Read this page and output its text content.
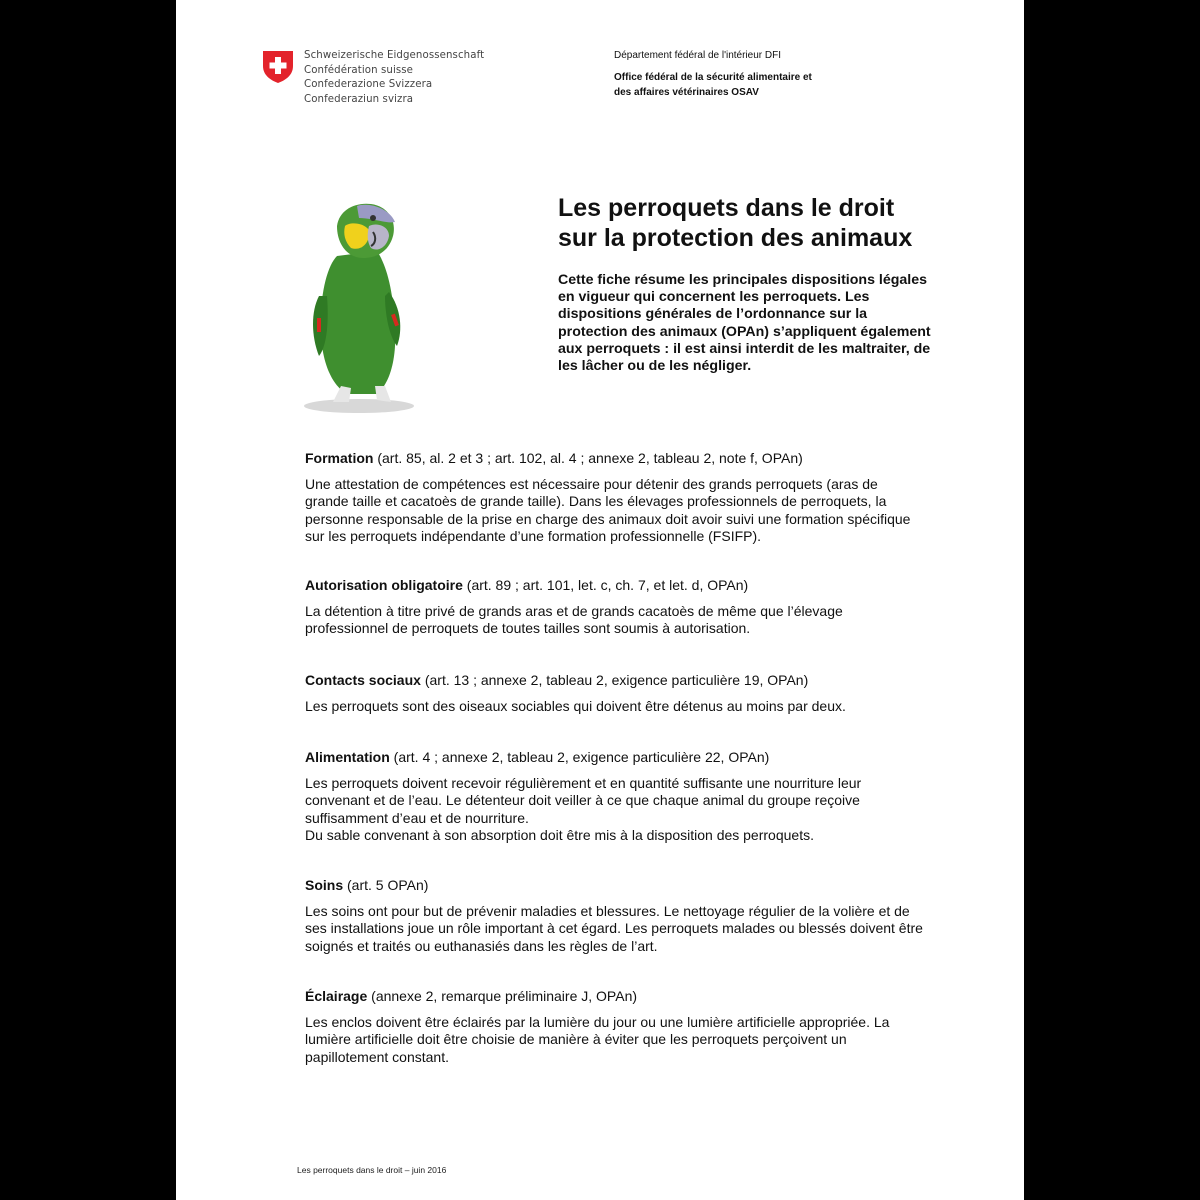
Schweizerische Eidgenossenschaft
Confédération suisse
Confederazione Svizzera
Confederaziun svizra
Département fédéral de l'intérieur DFI
Office fédéral de la sécurité alimentaire et
des affaires vétérinaires OSAV
Les perroquets dans le droit
sur la protection des animaux
Cette fiche résume les principales dispositions légales
en vigueur qui concernent les perroquets. Les
dispositions générales de l’ordonnance sur la
protection des animaux (OPAn) s’appliquent également
aux perroquets : il est ainsi interdit de les maltraiter, de
les lâcher ou de les négliger.
Formation (art. 85, al. 2 et 3 ; art. 102, al. 4 ; annexe 2, tableau 2, note f, OPAn)
Une attestation de compétences est nécessaire pour détenir des grands perroquets (aras de
grande taille et cacatoès de grande taille). Dans les élevages professionnels de perroquets, la
personne responsable de la prise en charge des animaux doit avoir suivi une formation spécifique
sur les perroquets indépendante d’une formation professionnelle (FSIFP).
Autorisation obligatoire (art. 89 ; art. 101, let. c, ch. 7, et let. d, OPAn)
La détention à titre privé de grands aras et de grands cacatoès de même que l’élevage
professionnel de perroquets de toutes tailles sont soumis à autorisation.
Contacts sociaux (art. 13 ; annexe 2, tableau 2, exigence particulière 19, OPAn)
Les perroquets sont des oiseaux sociables qui doivent être détenus au moins par deux.
Alimentation (art. 4 ; annexe 2, tableau 2, exigence particulière 22, OPAn)
Les perroquets doivent recevoir régulièrement et en quantité suffisante une nourriture leur
convenant et de l’eau. Le détenteur doit veiller à ce que chaque animal du groupe reçoive
suffisamment d’eau et de nourriture.
Du sable convenant à son absorption doit être mis à la disposition des perroquets.
Soins (art. 5 OPAn)
Les soins ont pour but de prévenir maladies et blessures. Le nettoyage régulier de la volière et de
ses installations joue un rôle important à cet égard. Les perroquets malades ou blessés doivent être
soignés et traités ou euthanasiés dans les règles de l’art.
Éclairage (annexe 2, remarque préliminaire J, OPAn)
Les enclos doivent être éclairés par la lumière du jour ou une lumière artificielle appropriée. La
lumière artificielle doit être choisie de manière à éviter que les perroquets perçoivent un
papillotement constant.
Les perroquets dans le droit – juin 2016
